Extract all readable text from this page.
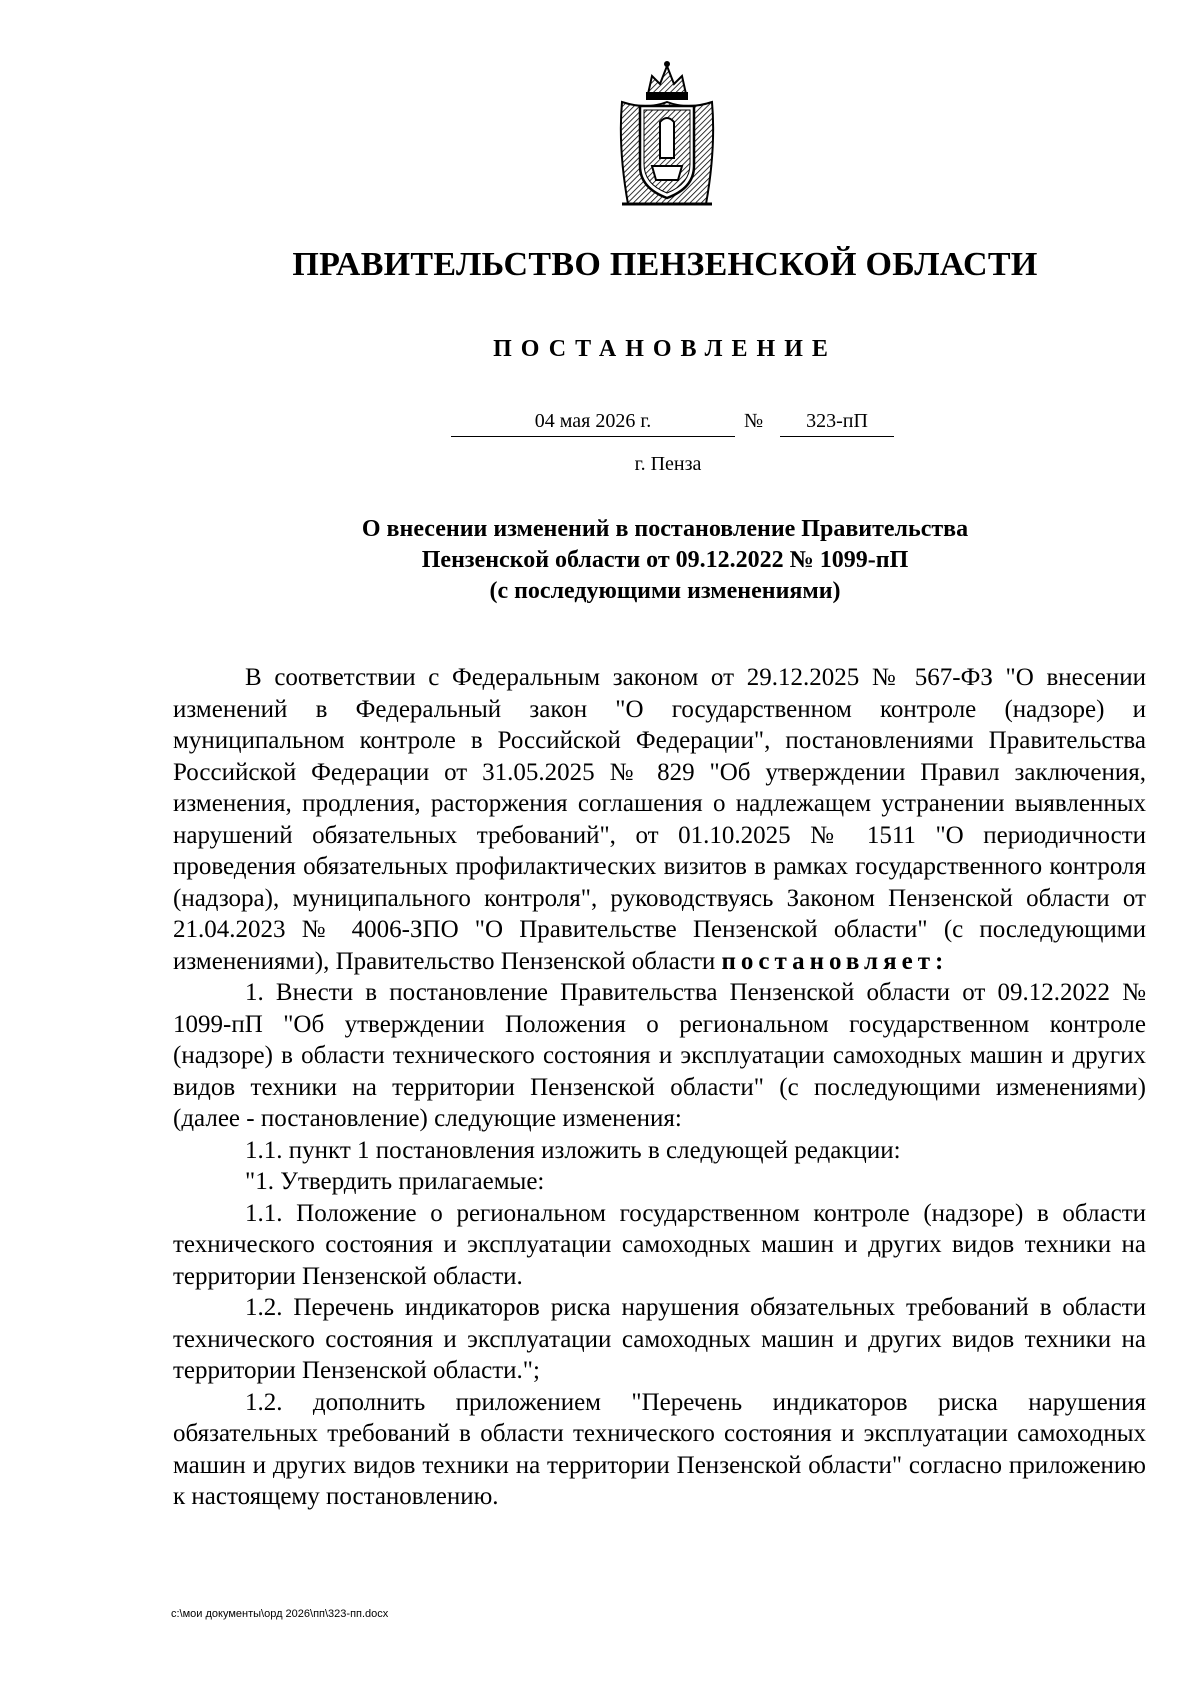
ПРАВИТЕЛЬСТВО ПЕНЗЕНСКОЙ ОБЛАСТИ
ПОСТАНОВЛЕНИЕ
04 мая 2026 г.	№	323-пП
г. Пенза
О внесении изменений в постановление Правительства
Пензенской области от 09.12.2022 № 1099-пП
(с последующими изменениями)

В соответствии с Федеральным законом от 29.12.2025 № 567-ФЗ "О внесении изменений в Федеральный закон "О государственном контроле (надзоре) и муниципальном контроле в Российской Федерации", постановлениями Правительства Российской Федерации от 31.05.2025 № 829 "Об утверждении Правил заключения, изменения, продления, расторжения соглашения о надлежащем устранении выявленных нарушений обязательных требований", от 01.10.2025 № 1511 "О периодичности проведения обязательных профилактических визитов в рамках государственного контроля (надзора), муниципального контроля", руководствуясь Законом Пензенской области от 21.04.2023 № 4006-ЗПО "О Правительстве Пензенской области" (с последующими изменениями), Правительство Пензенской области постановляет:

1. Внести в постановление Правительства Пензенской области от 09.12.2022 № 1099-пП "Об утверждении Положения о региональном государственном контроле (надзоре) в области технического состояния и эксплуатации самоходных машин и других видов техники на территории Пензенской области" (с последующими изменениями) (далее - постановление) следующие изменения:

1.1. пункт 1 постановления изложить в следующей редакции:

"1. Утвердить прилагаемые:

1.1. Положение о региональном государственном контроле (надзоре) в области технического состояния и эксплуатации самоходных машин и других видов техники на территории Пензенской области.

1.2. Перечень индикаторов риска нарушения обязательных требований в области технического состояния и эксплуатации самоходных машин и других видов техники на территории Пензенской области.";

1.2. дополнить приложением "Перечень индикаторов риска нарушения обязательных требований в области технического состояния и эксплуатации самоходных машин и других видов техники на территории Пензенской области" согласно приложению к настоящему постановлению.

c:\мои документы\орд 2026\пп\323-пп.docx
